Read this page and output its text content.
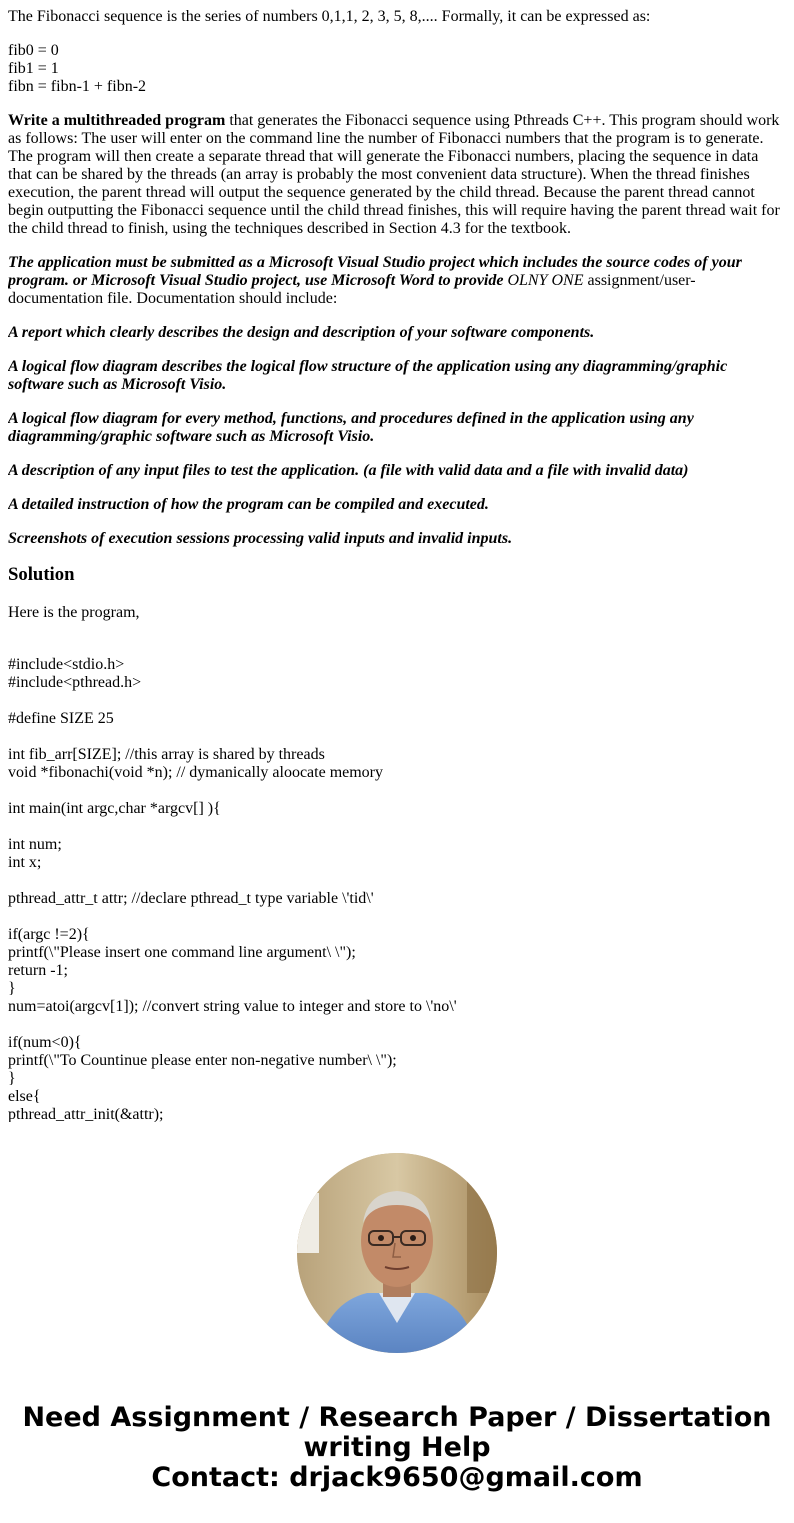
The Fibonacci sequence is the series of numbers 0,1,1, 2, 3, 5, 8,.... Formally, it can be expressed as:

fib0 = 0
fib1 = 1
fibn = fibn-1 + fibn-2

Write a multithreaded program that generates the Fibonacci sequence using Pthreads C++. This program should work as follows: The user will enter on the command line the number of Fibonacci numbers that the program is to generate. The program will then create a separate thread that will generate the Fibonacci numbers, placing the sequence in data that can be shared by the threads (an array is probably the most convenient data structure). When the thread finishes execution, the parent thread will output the sequence generated by the child thread. Because the parent thread cannot begin outputting the Fibonacci sequence until the child thread finishes, this will require having the parent thread wait for the child thread to finish, using the techniques described in Section 4.3 for the textbook.

The application must be submitted as a Microsoft Visual Studio project which includes the source codes of your program. or Microsoft Visual Studio project, use Microsoft Word to provide OLNY ONE assignment/user-documentation file. Documentation should include:

A report which clearly describes the design and description of your software components.

A logical flow diagram describes the logical flow structure of the application using any diagramming/graphic software such as Microsoft Visio.

A logical flow diagram for every method, functions, and procedures defined in the application using any diagramming/graphic software such as Microsoft Visio.

A description of any input files to test the application. (a file with valid data and a file with invalid data)

A detailed instruction of how the program can be compiled and executed.

Screenshots of execution sessions processing valid inputs and invalid inputs.

Solution

Here is the program,

#include<stdio.h>
#include<pthread.h>
#define SIZE 25
int fib_arr[SIZE]; //this array is shared by threads
void *fibonachi(void *n); // dymanically aloocate memory
int main(int argc,char *argcv[] ){
int num;
int x;
pthread_attr_t attr; //declare pthread_t type variable \'tid\'
if(argc !=2){
printf(\"Please insert one command line argument\ \");
return -1;
}
num=atoi(argcv[1]); //convert string value to integer and store to \'no\'
if(num<0){
printf(\"To Countinue please enter non-negative number\ \");
}
else{
pthread_attr_init(&attr);
Need Assignment / Research Paper / Dissertation
writing Help
Contact: drjack9650@gmail.com
